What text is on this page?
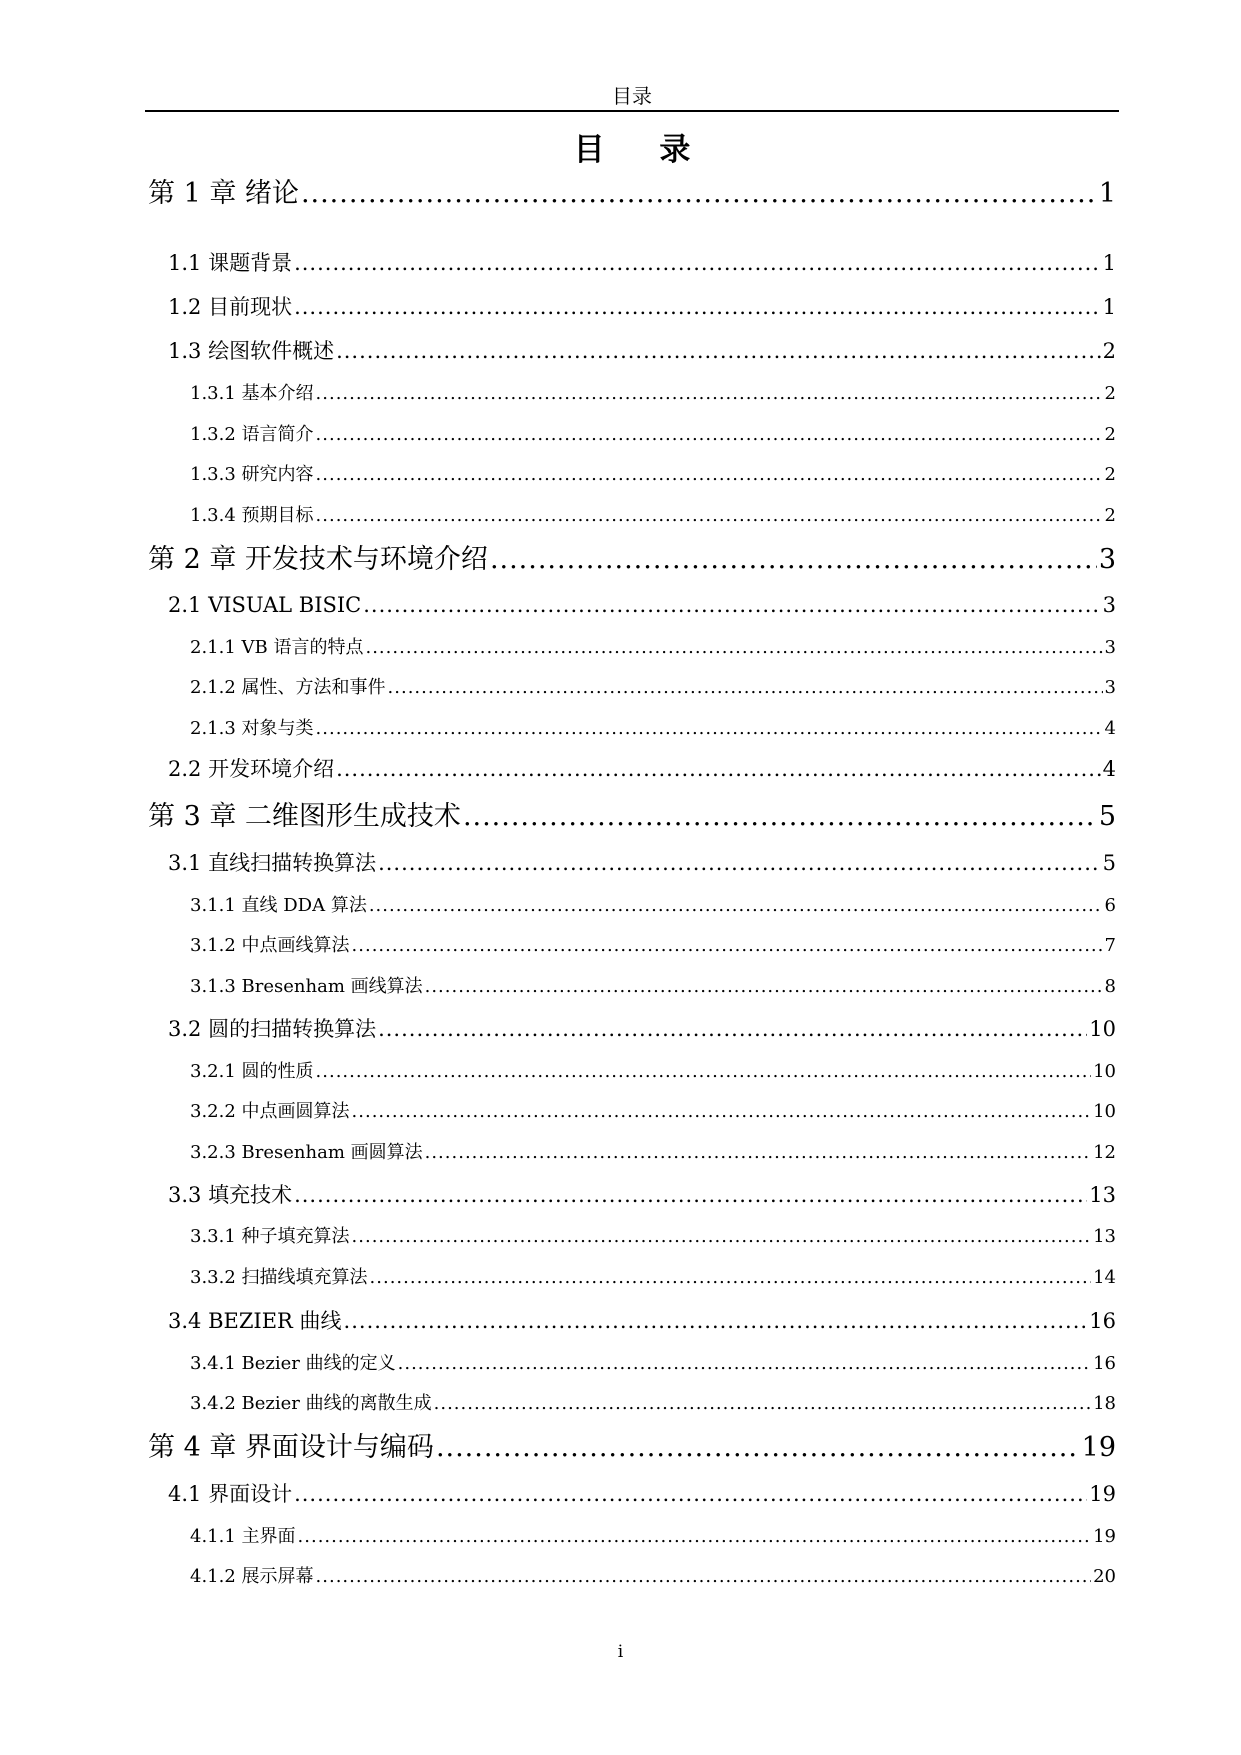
目录
目 录
第 1 章 绪论 .....	1
1.1 课题背景 .....	1
1.2 目前现状 .....	1
1.3 绘图软件概述 .....	2
1.3.1 基本介绍 .....	2
1.3.2 语言简介 .....	2
1.3.3 研究内容 .....	2
1.3.4 预期目标 .....	2
第 2 章 开发技术与环境介绍 .....	3
2.1 VISUAL BISIC .....	3
2.1.1 VB 语言的特点 .....	3
2.1.2 属性、方法和事件 .....	3
2.1.3 对象与类 .....	4
2.2 开发环境介绍 .....	4
第 3 章 二维图形生成技术 .....	5
3.1 直线扫描转换算法 .....	5
3.1.1 直线 DDA 算法 .....	6
3.1.2 中点画线算法 .....	7
3.1.3 Bresenham 画线算法 .....	8
3.2 圆的扫描转换算法 .....	10
3.2.1 圆的性质 .....	10
3.2.2 中点画圆算法 .....	10
3.2.3 Bresenham 画圆算法 .....	12
3.3 填充技术 .....	13
3.3.1 种子填充算法 .....	13
3.3.2 扫描线填充算法 .....	14
3.4 BEZIER 曲线 .....	16
3.4.1 Bezier 曲线的定义 .....	16
3.4.2 Bezier 曲线的离散生成 .....	18
第 4 章 界面设计与编码 .....	19
4.1 界面设计 .....	19
4.1.1 主界面 .....	19
4.1.2 展示屏幕 .....	20
i
